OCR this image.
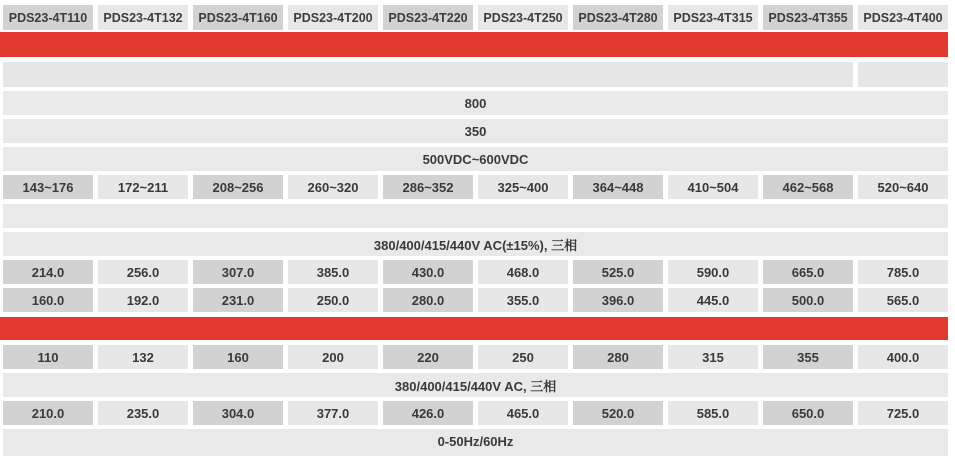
PDS23-4T110	PDS23-4T132	PDS23-4T160	PDS23-4T200	PDS23-4T220	PDS23-4T250	PDS23-4T280	PDS23-4T315	PDS23-4T355	PDS23-4T400
800
350
500VDC~600VDC
143~176	172~211	208~256	260~320	286~352	325~400	364~448	410~504	462~568	520~640
380/400/415/440V AC(±15%), 三相
214.0	256.0	307.0	385.0	430.0	468.0	525.0	590.0	665.0	785.0
160.0	192.0	231.0	250.0	280.0	355.0	396.0	445.0	500.0	565.0
110	132	160	200	220	250	280	315	355	400.0
380/400/415/440V AC, 三相
210.0	235.0	304.0	377.0	426.0	465.0	520.0	585.0	650.0	725.0
0-50Hz/60Hz
